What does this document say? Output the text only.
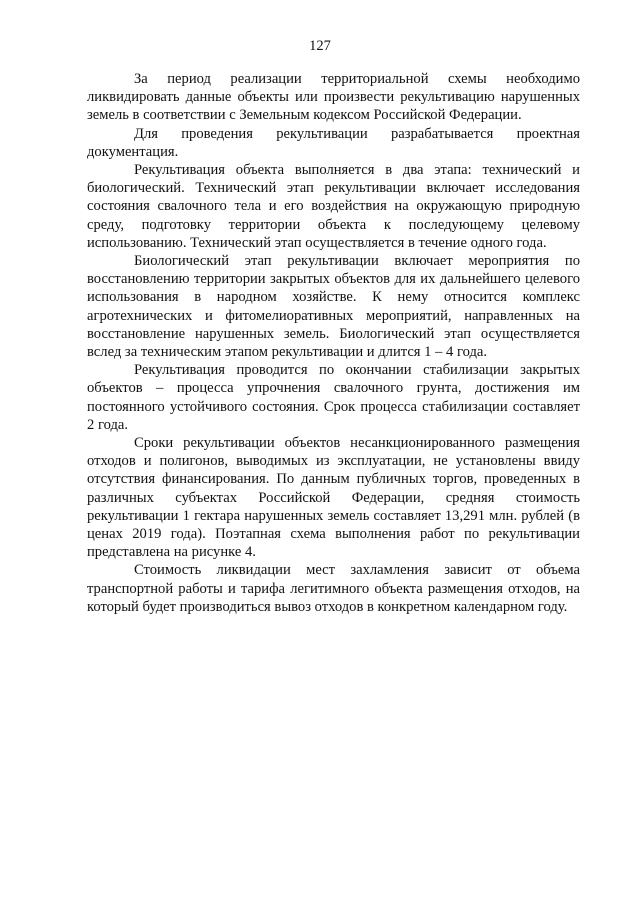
127

За период реализации территориальной схемы необходимо ликвидировать данные объекты или произвести рекультивацию нарушенных земель в соответствии с Земельным кодексом Российской Федерации.

Для проведения рекультивации разрабатывается проектная документация.

Рекультивация объекта выполняется в два этапа: технический и биологический. Технический этап рекультивации включает исследования состояния свалочного тела и его воздействия на окружающую природную среду, подготовку территории объекта к последующему целевому использованию. Технический этап осуществляется в течение одного года.

Биологический этап рекультивации включает мероприятия по восстановлению территории закрытых объектов для их дальнейшего целевого использования в народном хозяйстве. К нему относится комплекс агротехнических и фитомелиоративных мероприятий, направленных на восстановление нарушенных земель. Биологический этап осуществляется вслед за техническим этапом рекультивации и длится 1 – 4 года.

Рекультивация проводится по окончании стабилизации закрытых объектов – процесса упрочнения свалочного грунта, достижения им постоянного устойчивого состояния. Срок процесса стабилизации составляет 2 года.

Сроки рекультивации объектов несанкционированного размещения отходов и полигонов, выводимых из эксплуатации, не установлены ввиду отсутствия финансирования. По данным публичных торгов, проведенных в различных субъектах Российской Федерации, средняя стоимость рекультивации 1 гектара нарушенных земель составляет 13,291 млн. рублей (в ценах 2019 года). Поэтапная схема выполнения работ по рекультивации представлена на рисунке 4.

Стоимость ликвидации мест захламления зависит от объема транспортной работы и тарифа легитимного объекта размещения отходов, на который будет производиться вывоз отходов в конкретном календарном году.
